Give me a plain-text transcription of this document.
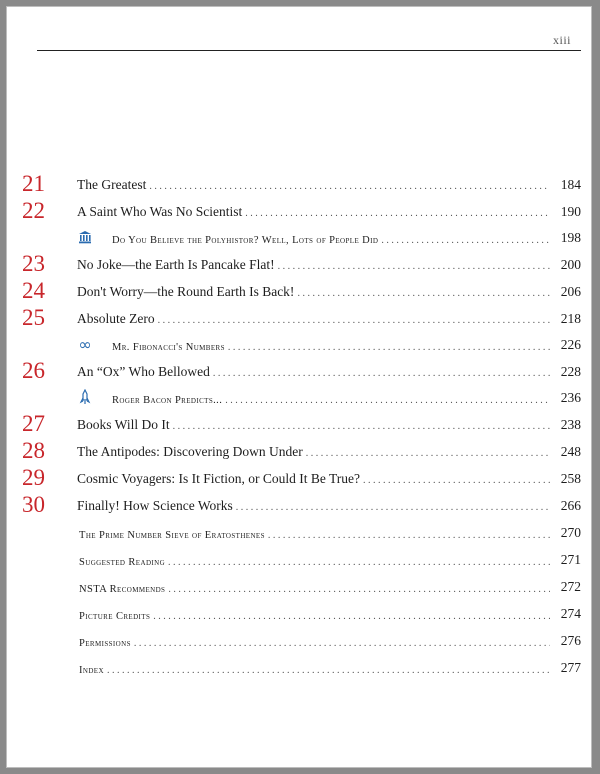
xiii
21 The Greatest . . .	184
22 A Saint Who Was No Scientist . . .	190
Do You Believe the Polyhistor? Well, Lots of People Did . . .	198
23 No Joke—the Earth Is Pancake Flat! . . .	200
24 Don't Worry—the Round Earth Is Back! . . .	206
25 Absolute Zero . . .	218
∞ Mr. Fibonacci's Numbers . . .	226
26 An “Ox” Who Bellowed . . .	228
Roger Bacon Predicts... . . .	236
27 Books Will Do It . . .	238
28 The Antipodes: Discovering Down Under . . .	248
29 Cosmic Voyagers: Is It Fiction, or Could It Be True? . . .	258
30 Finally! How Science Works . . .	266
The Prime Number Sieve of Eratosthenes . . .	270
Suggested Reading . . .	271
NSTA Recommends . . .	272
Picture Credits . . .	274
Permissions . . .	276
Index . . .	277
